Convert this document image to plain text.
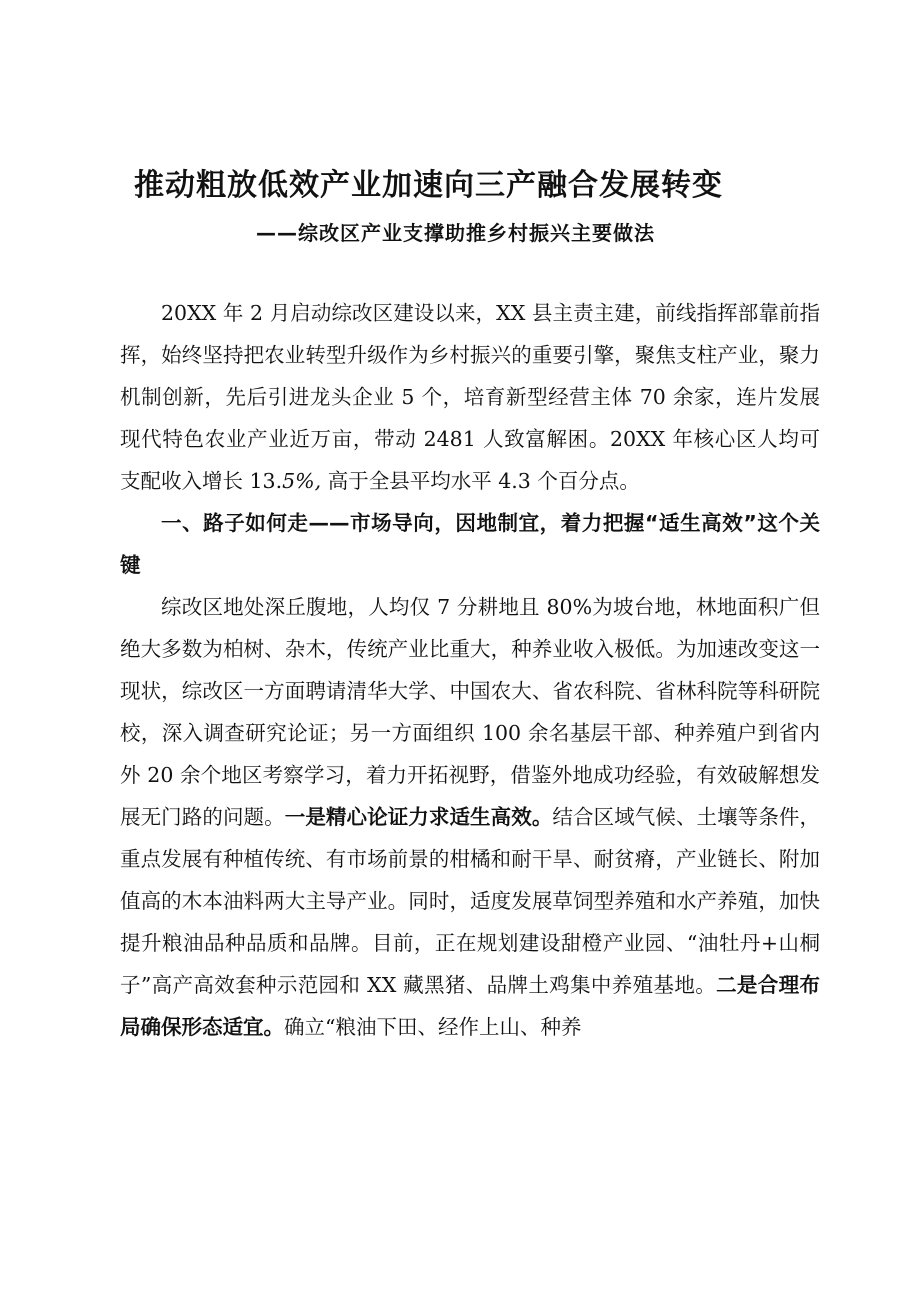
推动粗放低效产业加速向三产融合发展转变
——综改区产业支撑助推乡村振兴主要做法

20XX 年 2 月启动综改区建设以来，XX 县主责主建，前线指挥部靠前指挥，始终坚持把农业转型升级作为乡村振兴的重要引擎，聚焦支柱产业，聚力机制创新，先后引进龙头企业 5 个，培育新型经营主体 70 余家，连片发展现代特色农业产业近万亩，带动 2481 人致富解困。20XX 年核心区人均可支配收入增长 13.5%, 高于全县平均水平 4.3 个百分点。

一、路子如何走——市场导向，因地制宜，着力把握“适生高效”这个关键

综改区地处深丘腹地，人均仅 7 分耕地且 80%为坡台地，林地面积广但绝大多数为柏树、杂木，传统产业比重大，种养业收入极低。为加速改变这一现状，综改区一方面聘请清华大学、中国农大、省农科院、省林科院等科研院校，深入调查研究论证；另一方面组织 100 余名基层干部、种养殖户到省内外 20 余个地区考察学习，着力开拓视野，借鉴外地成功经验，有效破解想发展无门路的问题。一是精心论证力求适生高效。结合区域气候、土壤等条件，重点发展有种植传统、有市场前景的柑橘和耐干旱、耐贫瘠，产业链长、附加值高的木本油料两大主导产业。同时，适度发展草饲型养殖和水产养殖，加快提升粮油品种品质和品牌。目前，正在规划建设甜橙产业园、“油牡丹+山桐子”高产高效套种示范园和 XX 藏黑猪、品牌土鸡集中养殖基地。二是合理布局确保形态适宜。确立“粮油下田、经作上山、种养
